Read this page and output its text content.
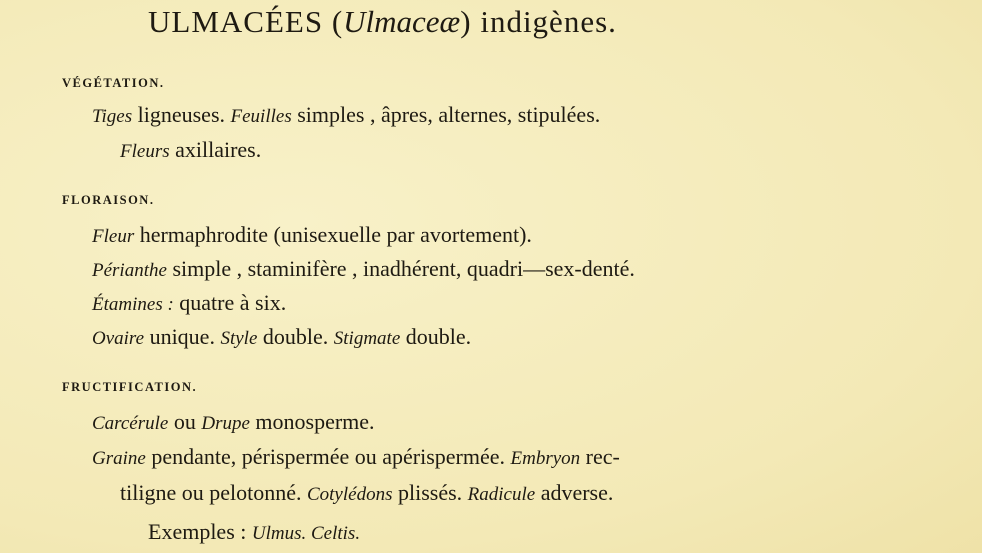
ULMACÉES (Ulmaceæ) indigènes.
VÉGÉTATION.
Tiges ligneuses. Feuilles simples , âpres, alternes, stipulées.
Fleurs axillaires.
FLORAISON.
Fleur hermaphrodite (unisexuelle par avortement).
Périanthe simple , staminifère , inadhérent, quadri—sex-denté.
Étamines : quatre à six.
Ovaire unique. Style double. Stigmate double.
FRUCTIFICATION.
Carcérule ou Drupe monosperme.
Graine pendante, périspermée ou apérispermée. Embryon rec-
tiligne ou pelotonné. Cotylédons plissés. Radicule adverse.
Exemples : Ulmus. Celtis.
